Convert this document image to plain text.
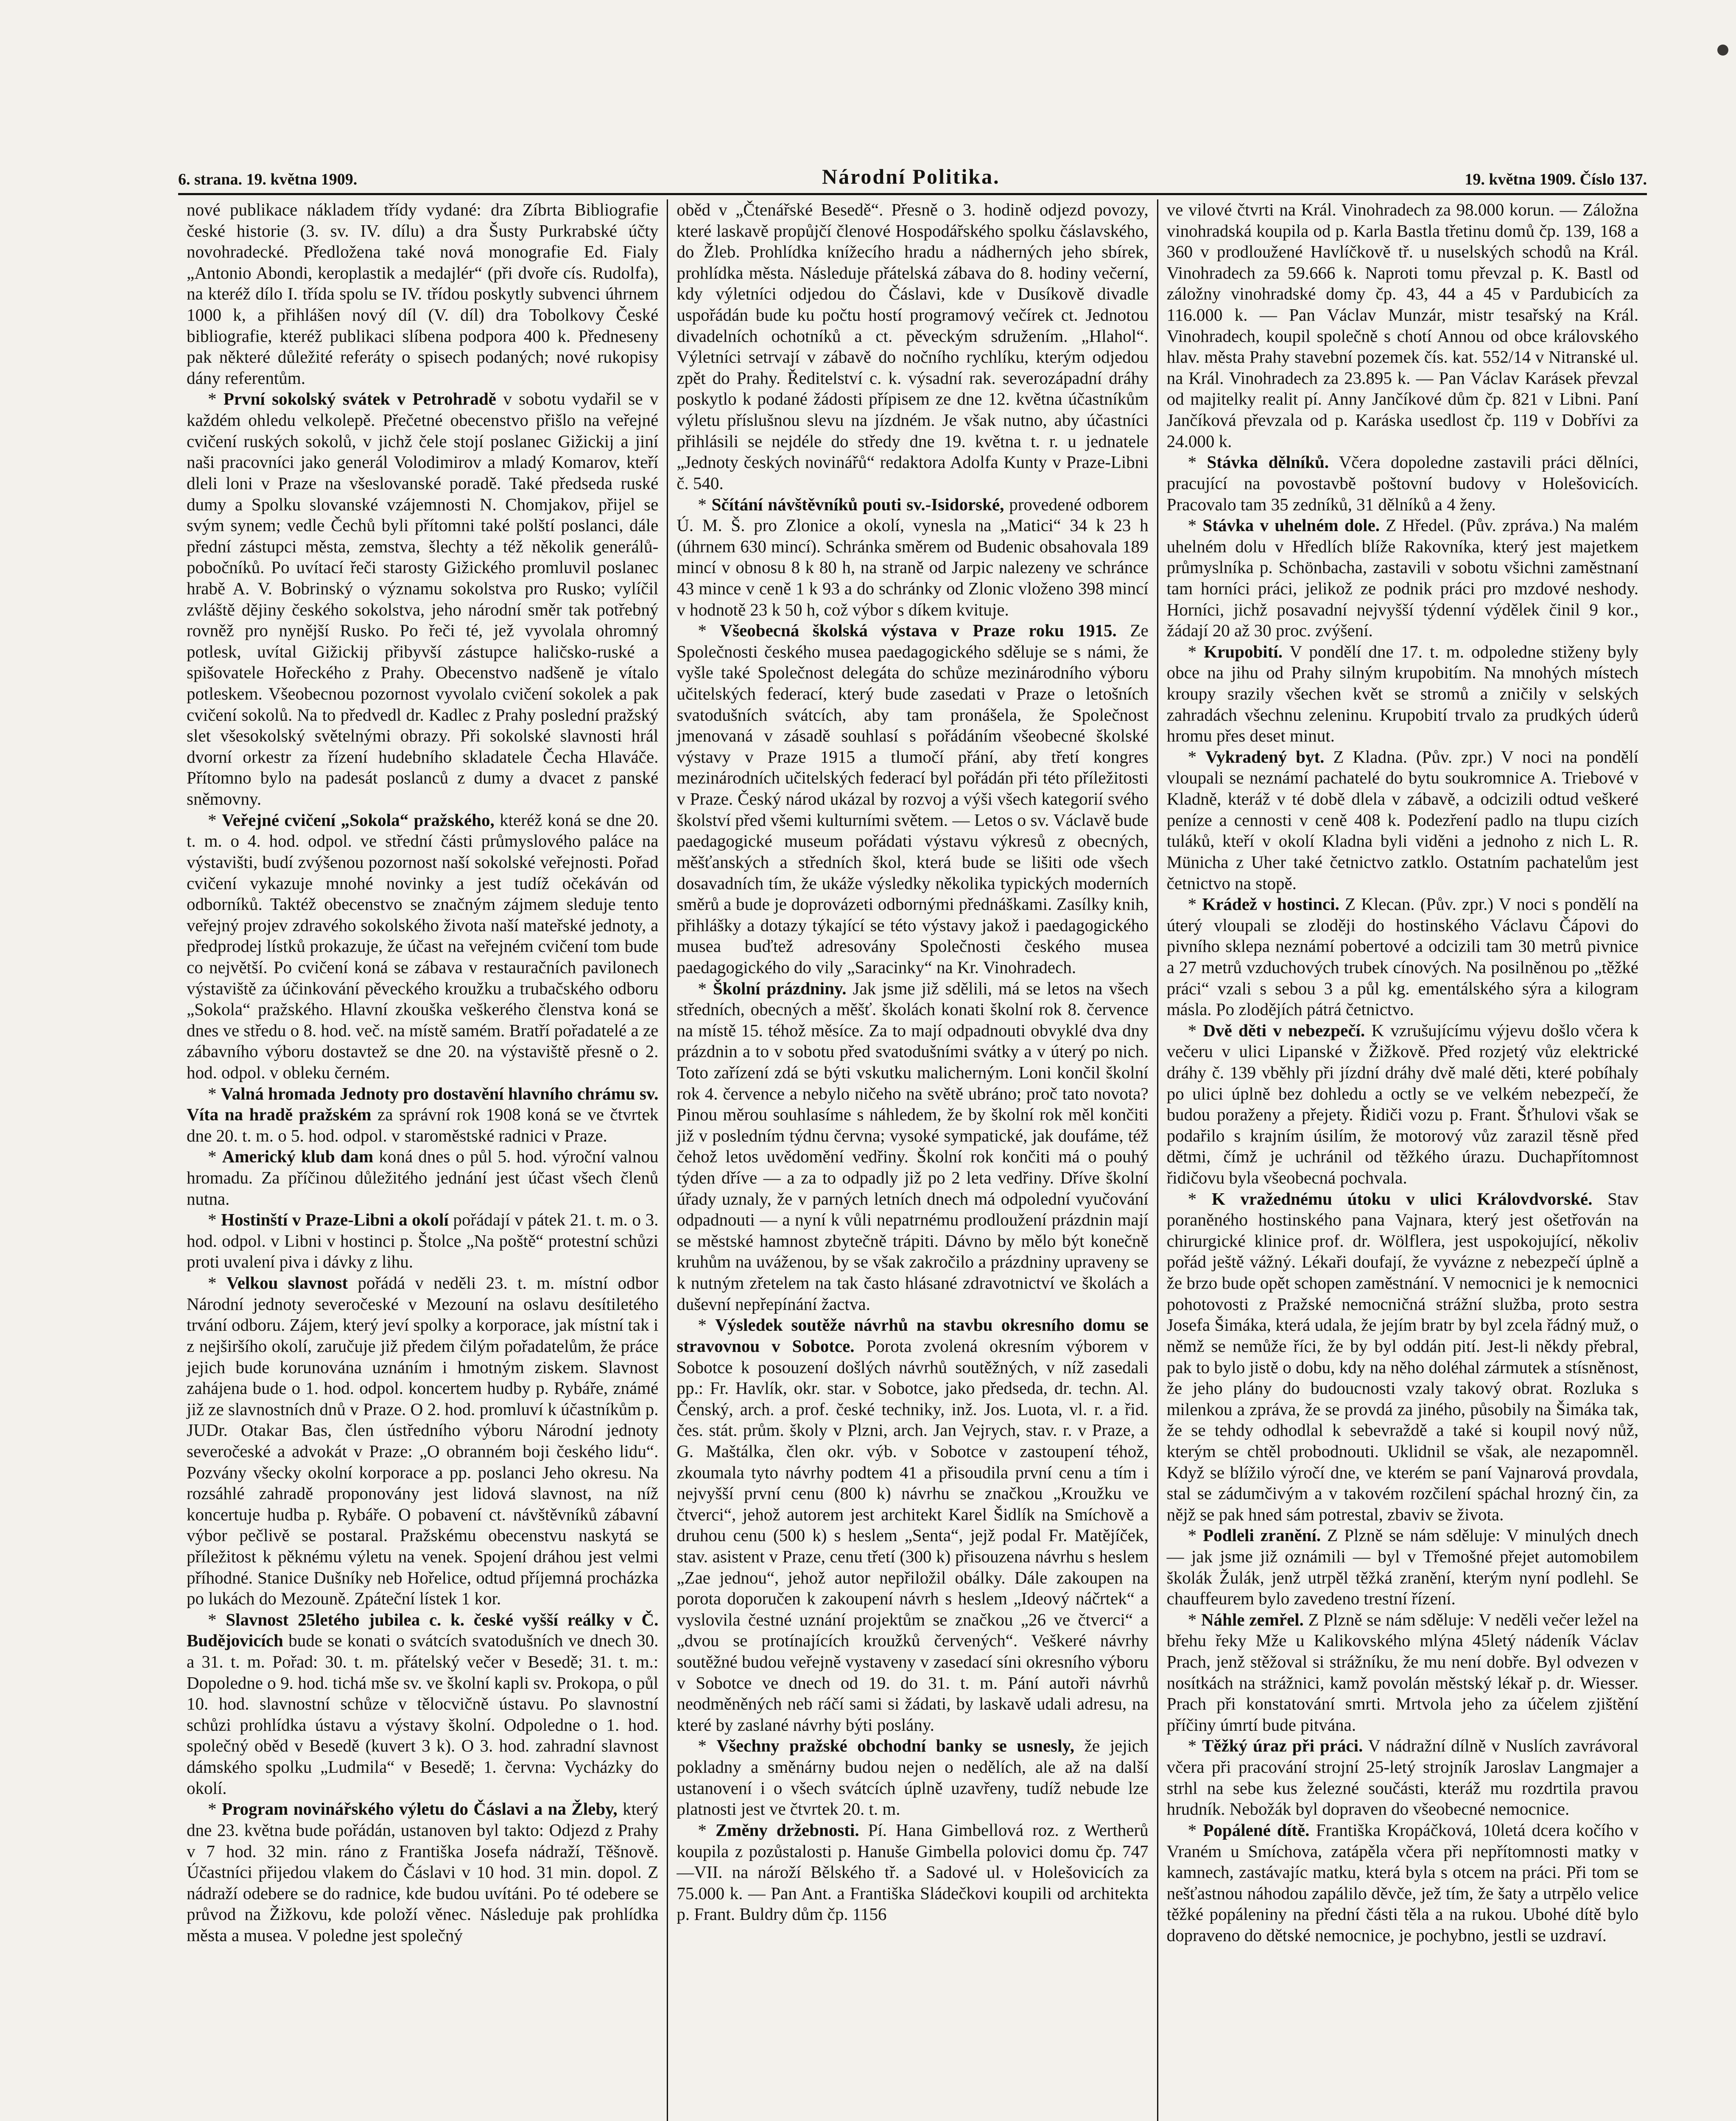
6. strana. 19. května 1909.	Národní Politika.	19. května 1909. Číslo 137.

nové publikace nákladem třídy vydané: dra Zíbrta Bibliografie české historie (3. sv. IV. dílu) a dra Šusty Purkrabské účty novohradecké. Předložena také nová monografie Ed. Fialy „Antonio Abondi, keroplastik a medajlér“ (při dvoře cís. Rudolfa), na kteréž dílo I. třída spolu se IV. třídou poskytly subvenci úhrnem 1000 k, a přihlášen nový díl (V. díl) dra Tobolkovy České bibliografie, kteréž publikaci slíbena podpora 400 k. Předneseny pak některé důležité referáty o spisech podaných; nové rukopisy dány referentům.

* První sokolský svátek v Petrohradě v sobotu vydařil se v každém ohledu velkolepě. Přečetné obecenstvo přišlo na veřejné cvičení ruských sokolů, v jichž čele stojí poslanec Gižickij a jiní naši pracovníci jako generál Volodimirov a mladý Komarov, kteří dleli loni v Praze na všeslovanské poradě. Také předseda ruské dumy a Spolku slovanské vzájemnosti N. Chomjakov, přijel se svým synem; vedle Čechů byli přítomni také polští poslanci, dále přední zástupci města, zemstva, šlechty a též několik generálů-pobočníků. Po uvítací řeči starosty Gižického promluvil poslanec hrabě A. V. Bobrinský o významu sokolstva pro Rusko; vylíčil zvláště dějiny českého sokolstva, jeho národní směr tak potřebný rovněž pro nynější Rusko. Po řeči té, jež vyvolala ohromný potlesk, uvítal Gižickij přibyvší zástupce haličsko-ruské a spišovatele Hořeckého z Prahy. Obecenstvo nadšeně je vítalo potleskem. Všeobecnou pozornost vyvolalo cvičení sokolek a pak cvičení sokolů. Na to předvedl dr. Kadlec z Prahy poslední pražský slet všesokolský světelnými obrazy. Při sokolské slavnosti hrál dvorní orkestr za řízení hudebního skladatele Čecha Hlaváče. Přítomno bylo na padesát poslanců z dumy a dvacet z panské sněmovny.

* Veřejné cvičení „Sokola“ pražského, kteréž koná se dne 20. t. m. o 4. hod. odpol. ve střední části průmyslového paláce na výstavišti, budí zvýšenou pozornost naší sokolské veřejnosti. Pořad cvičení vykazuje mnohé novinky a jest tudíž očekáván od odborníků. Taktéž obecenstvo se značným zájmem sleduje tento veřejný projev zdravého sokolského života naší mateřské jednoty, a předprodej lístků prokazuje, že účast na veřejném cvičení tom bude co největší. Po cvičení koná se zábava v restauračních pavilonech výstaviště za účinkování pěveckého kroužku a trubačského odboru „Sokola“ pražského. Hlavní zkouška veškerého členstva koná se dnes ve středu o 8. hod. več. na místě samém. Bratří pořadatelé a ze zábavního výboru dostavtež se dne 20. na výstaviště přesně o 2. hod. odpol. v obleku černém.

* Valná hromada Jednoty pro dostavění hlavního chrámu sv. Víta na hradě pražském za správní rok 1908 koná se ve čtvrtek dne 20. t. m. o 5. hod. odpol. v staroměstské radnici v Praze.

* Americký klub dam koná dnes o půl 5. hod. výroční valnou hromadu. Za příčinou důležitého jednání jest účast všech členů nutna.

* Hostinští v Praze-Libni a okolí pořádají v pátek 21. t. m. o 3. hod. odpol. v Libni v hostinci p. Štolce „Na poště“ protestní schůzi proti uvalení piva i dávky z lihu.

* Velkou slavnost pořádá v neděli 23. t. m. místní odbor Národní jednoty severočeské v Mezouní na oslavu desítiletého trvání odboru. Zájem, který jeví spolky a korporace, jak místní tak i z nejširšího okolí, zaručuje již předem čilým pořadatelům, že práce jejich bude korunována uznáním i hmotným ziskem. Slavnost zahájena bude o 1. hod. odpol. koncertem hudby p. Rybáře, známé již ze slavnostních dnů v Praze. O 2. hod. promluví k účastníkům p. JUDr. Otakar Bas, člen ústředního výboru Národní jednoty severočeské a advokát v Praze: „O obranném boji českého lidu“. Pozvány všecky okolní korporace a pp. poslanci Jeho okresu. Na rozsáhlé zahradě proponovány jest lidová slavnost, na níž koncertuje hudba p. Rybáře. O pobavení ct. návštěvníků zábavní výbor pečlivě se postaral. Pražskému obecenstvu naskytá se příležitost k pěknému výletu na venek. Spojení dráhou jest velmi příhodné. Stanice Dušníky neb Hořelice, odtud příjemná procházka po lukách do Mezouně. Zpáteční lístek 1 kor.

* Slavnost 25letého jubilea c. k. české vyšší reálky v Č. Budějovicích bude se konati o svátcích svatodušních ve dnech 30. a 31. t. m. Pořad: 30. t. m. přátelský večer v Besedě; 31. t. m.: Dopoledne o 9. hod. tichá mše sv. ve školní kapli sv. Prokopa, o půl 10. hod. slavnostní schůze v tělocvičně ústavu. Po slavnostní schůzi prohlídka ústavu a výstavy školní. Odpoledne o 1. hod. společný oběd v Besedě (kuvert 3 k). O 3. hod. zahradní slavnost dámského spolku „Ludmila“ v Besedě; 1. června: Vycházky do okolí.

* Program novinářského výletu do Čáslavi a na Žleby, který dne 23. května bude pořádán, ustanoven byl takto: Odjezd z Prahy v 7 hod. 32 min. ráno z Františka Josefa nádraží, Těšnově. Účastníci přijedou vlakem do Čáslavi v 10 hod. 31 min. dopol. Z nádraží odebere se do radnice, kde budou uvítáni. Po té odebere se průvod na Žižkovu, kde položí věnec. Následuje pak prohlídka města a musea. V poledne jest společný

oběd v „Čtenářské Besedě“. Přesně o 3. hodině odjezd povozy, které laskavě propůjčí členové Hospodářského spolku čáslavského, do Žleb. Prohlídka knížecího hradu a nádherných jeho sbírek, prohlídka města. Následuje přátelská zábava do 8. hodiny večerní, kdy výletníci odjedou do Čáslavi, kde v Dusíkově divadle uspořádán bude ku počtu hostí programový večírek ct. Jednotou divadelních ochotníků a ct. pěveckým sdružením. „Hlahol“. Výletníci setrvají v zábavě do nočního rychlíku, kterým odjedou zpět do Prahy. Ředitelství c. k. výsadní rak. severozápadní dráhy poskytlo k podané žádosti přípisem ze dne 12. května účastníkům výletu příslušnou slevu na jízdném. Je však nutno, aby účastníci přihlásili se nejdéle do středy dne 19. května t. r. u jednatele „Jednoty českých novinářů“ redaktora Adolfa Kunty v Praze-Libni č. 540.

* Sčítání návštěvníků pouti sv.-Isidorské, provedené odborem Ú. M. Š. pro Zlonice a okolí, vynesla na „Matici“ 34 k 23 h (úhrnem 630 mincí). Schránka směrem od Budenic obsahovala 189 mincí v obnosu 8 k 80 h, na straně od Jarpic nalezeny ve schránce 43 mince v ceně 1 k 93 a do schránky od Zlonic vloženo 398 mincí v hodnotě 23 k 50 h, což výbor s díkem kvituje.

* Všeobecná školská výstava v Praze roku 1915. Ze Společnosti českého musea paedagogického sděluje se s námi, že vyšle také Společnost delegáta do schůze mezinárodního výboru učitelských federací, který bude zasedati v Praze o letošních svatodušních svátcích, aby tam pronášela, že Společnost jmenovaná v zásadě souhlasí s pořádáním všeobecné školské výstavy v Praze 1915 a tlumočí přání, aby třetí kongres mezinárodních učitelských federací byl pořádán při této příležitosti v Praze. Český národ ukázal by rozvoj a výši všech kategorií svého školství před všemi kulturními světem. — Letos o sv. Václavě bude paedagogické museum pořádati výstavu výkresů z obecných, měšťanských a středních škol, která bude se lišiti ode všech dosavadních tím, že ukáže výsledky několika typických moderních směrů a bude je doprovázeti odbornými přednáškami. Zasílky knih, přihlášky a dotazy týkající se této výstavy jakož i paedagogického musea buďtež adresovány Společnosti českého musea paedagogického do vily „Saracinky“ na Kr. Vinohradech.

* Školní prázdniny. Jak jsme již sdělili, má se letos na všech středních, obecných a měšť. školách konati školní rok 8. července na místě 15. téhož měsíce. Za to mají odpadnouti obvyklé dva dny prázdnin a to v sobotu před svatodušními svátky a v úterý po nich. Toto zařízení zdá se býti vskutku malicherným. Loni končil školní rok 4. července a nebylo ničeho na světě ubráno; proč tato novota? Pinou měrou souhlasíme s náhledem, že by školní rok měl končiti již v posledním týdnu června; vysoké sympatické, jak doufáme, též čehož letos uvědomění vedřiny. Školní rok končiti má o pouhý týden dříve — a za to odpadly již po 2 leta vedřiny. Dříve školní úřady uznaly, že v parných letních dnech má odpolední vyučování odpadnouti — a nyní k vůli nepatrnému prodloužení prázdnin mají se městské hamnost zbytečně trápiti. Dávno by mělo být konečně kruhům na uváženou, by se však zakročilo a prázdniny upraveny se k nutným zřetelem na tak často hlásané zdravotnictví ve školách a duševní nepřepínání žactva.

* Výsledek soutěže návrhů na stavbu okresního domu se stravovnou v Sobotce. Porota zvolená okresním výborem v Sobotce k posouzení došlých návrhů soutěžných, v níž zasedali pp.: Fr. Havlík, okr. star. v Sobotce, jako předseda, dr. techn. Al. Čenský, arch. a prof. české techniky, inž. Jos. Luota, vl. r. a řid. čes. stát. prům. školy v Plzni, arch. Jan Vejrych, stav. r. v Praze, a G. Maštálka, člen okr. výb. v Sobotce v zastoupení téhož, zkoumala tyto návrhy podtem 41 a přisoudila první cenu a tím i nejvyšší první cenu (800 k) návrhu se značkou „Kroužku ve čtverci“, jehož autorem jest architekt Karel Šidlík na Smíchově a druhou cenu (500 k) s heslem „Senta“, jejž podal Fr. Matějíček, stav. asistent v Praze, cenu třetí (300 k) přisouzena návrhu s heslem „Zae jednou“, jehož autor nepřiložil obálky. Dále zakoupen na porota doporučen k zakoupení návrh s heslem „Ideový náčrtek“ a vyslovila čestné uznání projektům se značkou „26 ve čtverci“ a „dvou se protínajících kroužků červených“. Veškeré návrhy soutěžné budou veřejně vystaveny v zasedací síni okresního výboru v Sobotce ve dnech od 19. do 31. t. m. Pání autoři návrhů neodměněných neb ráčí sami si žádati, by laskavě udali adresu, na které by zaslané návrhy býti poslány.

* Všechny pražské obchodní banky se usnesly, že jejich pokladny a směnárny budou nejen o nedělích, ale až na další ustanovení i o všech svátcích úplně uzavřeny, tudíž nebude lze platnosti jest ve čtvrtek 20. t. m.

* Změny držebnosti. Pí. Hana Gimbellová roz. z Wertherů koupila z pozůstalosti p. Hanuše Gimbella polovici domu čp. 747—VII. na nároží Bělského tř. a Sadové ul. v Holešovicích za 75.000 k. — Pan Ant. a Františka Sládečkovi koupili od architekta p. Frant. Buldry dům čp. 1156

ve vilové čtvrti na Král. Vinohradech za 98.000 korun. — Záložna vinohradská koupila od p. Karla Bastla třetinu domů čp. 139, 168 a 360 v prodloužené Havlíčkově tř. u nuselských schodů na Král. Vinohradech za 59.666 k. Naproti tomu převzal p. K. Bastl od záložny vinohradské domy čp. 43, 44 a 45 v Pardubicích za 116.000 k. — Pan Václav Munzár, mistr tesařský na Král. Vinohradech, koupil společně s chotí Annou od obce královského hlav. města Prahy stavební pozemek čís. kat. 552/14 v Nitranské ul. na Král. Vinohradech za 23.895 k. — Pan Václav Karásek převzal od majitelky realit pí. Anny Jančíkové dům čp. 821 v Libni. Paní Jančíková převzala od p. Karáska usedlost čp. 119 v Dobřívi za 24.000 k.

* Stávka dělníků. Včera dopoledne zastavili práci dělníci, pracující na povostavbě poštovní budovy v Holešovicích. Pracovalo tam 35 zedníků, 31 dělníků a 4 ženy.

* Stávka v uhelném dole. Z Hředel. (Pův. zpráva.) Na malém uhelném dolu v Hředlích blíže Rakovníka, který jest majetkem průmyslníka p. Schönbacha, zastavili v sobotu všichni zaměstnaní tam horníci práci, jelikož ze podnik práci pro mzdové neshody. Horníci, jichž posavadní nejvyšší týdenní výdělek činil 9 kor., žádají 20 až 30 proc. zvýšení.

* Krupobití. V pondělí dne 17. t. m. odpoledne stiženy byly obce na jihu od Prahy silným krupobitím. Na mnohých místech kroupy srazily všechen květ se stromů a zničily v selských zahradách všechnu zeleninu. Krupobití trvalo za prudkých úderů hromu přes deset minut.

* Vykradený byt. Z Kladna. (Pův. zpr.) V noci na pondělí vloupali se neznámí pachatelé do bytu soukromnice A. Triebové v Kladně, kteráž v té době dlela v zábavě, a odcizili odtud veškeré peníze a cennosti v ceně 408 k. Podezření padlo na tlupu cizích tuláků, kteří v okolí Kladna byli viděni a jednoho z nich L. R. Münicha z Uher také četnictvo zatklo. Ostatním pachatelům jest četnictvo na stopě.

* Krádež v hostinci. Z Klecan. (Pův. zpr.) V noci s pondělí na úterý vloupali se zloději do hostinského Václavu Čápovi do pivního sklepa neznámí pobertové a odcizili tam 30 metrů pivnice a 27 metrů vzduchových trubek cínových. Na posilněnou po „těžké práci“ vzali s sebou 3 a půl kg. ementálského sýra a kilogram másla. Po zlodějích pátrá četnictvo.

* Dvě děti v nebezpečí. K vzrušujícímu výjevu došlo včera k večeru v ulici Lipanské v Žižkově. Před rozjetý vůz elektrické dráhy č. 139 vběhly při jízdní dráhy dvě malé děti, které pobíhaly po ulici úplně bez dohledu a octly se ve velkém nebezpečí, že budou poraženy a přejety. Řidiči vozu p. Frant. Šťhulovi však se podařilo s krajním úsilím, že motorový vůz zarazil těsně před dětmi, čímž je uchránil od těžkého úrazu. Duchapřítomnost řidičovu byla všeobecná pochvala.

* K vražednému útoku v ulici Královdvorské. Stav poraněného hostinského pana Vajnara, který jest ošetřován na chirurgické klinice prof. dr. Wölflera, jest uspokojující, několiv pořád ještě vážný. Lékaři doufají, že vyvázne z nebezpečí úplně a že brzo bude opět schopen zaměstnání. V nemocnici je k nemocnici pohotovosti z Pražské nemocničná strážní služba, proto sestra Josefa Šimáka, která udala, že jejím bratr by byl zcela řádný muž, o němž se nemůže říci, že by byl oddán pití. Jest-li někdy přebral, pak to bylo jistě o dobu, kdy na něho doléhal zármutek a stísněnost, že jeho plány do budoucnosti vzaly takový obrat. Rozluka s milenkou a zpráva, že se provdá za jiného, působily na Šimáka tak, že se tehdy odhodlal k sebevraždě a také si koupil nový nůž, kterým se chtěl probodnouti. Uklidnil se však, ale nezapomněl. Když se blížilo výročí dne, ve kterém se paní Vajnarová provdala, stal se zádumčivým a v takovém rozčilení spáchal hrozný čin, za nějž se pak hned sám potrestal, zbaviv se života.

* Podleli zranění. Z Plzně se nám sděluje: V minulých dnech — jak jsme již oznámili — byl v Třemošné přejet automobilem školák Žulák, jenž utrpěl těžká zranění, kterým nyní podlehl. Se chauffeurem bylo zavedeno trestní řízení.

* Náhle zemřel. Z Plzně se nám sděluje: V neděli večer ležel na břehu řeky Mže u Kalikovského mlýna 45letý nádeník Václav Prach, jenž stěžoval si strážníku, že mu není dobře. Byl odvezen v nosítkách na strážnici, kamž povolán městský lékař p. dr. Wiesser. Prach při konstatování smrti. Mrtvola jeho za účelem zjištění příčiny úmrtí bude pitvána.

* Těžký úraz při práci. V nádražní dílně v Nuslích zavrávoral včera při pracování strojní 25-letý strojník Jaroslav Langmajer a strhl na sebe kus železné součásti, kteráž mu rozdrtila pravou hrudník. Nebožák byl dopraven do všeobecné nemocnice.

* Popálené dítě. Františka Kropáčková, 10letá dcera kočího v Vraném u Smíchova, zatápěla včera při nepřítomnosti matky v kamnech, zastávajíc matku, která byla s otcem na práci. Při tom se nešťastnou náhodou zapálilo děvče, jež tím, že šaty a utrpělo velice těžké popáleniny na přední části těla a na rukou. Ubohé dítě bylo dopraveno do dětské nemocnice, je pochybno, jestli se uzdraví.
